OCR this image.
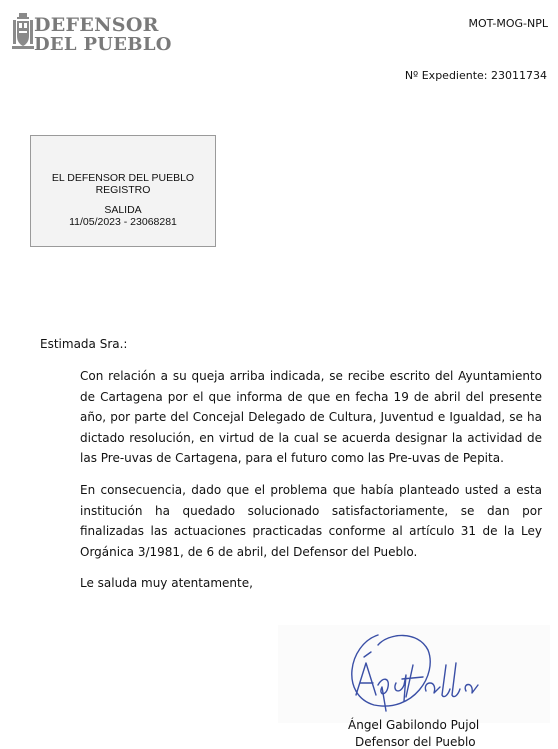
DEFENSOR
DEL PUEBLO
MOT-MOG-NPL
Nº Expediente: 23011734
EL DEFENSOR DEL PUEBLO
REGISTRO
SALIDA
11/05/2023 - 23068281
Estimada Sra.:

Con relación a su queja arriba indicada, se recibe escrito del Ayuntamiento de Cartagena por el que informa de que en fecha 19 de abril del presente año, por parte del Concejal Delegado de Cultura, Juventud e Igualdad, se ha dictado resolución, en virtud de la cual se acuerda designar la actividad de las Pre-uvas de Cartagena, para el futuro como las Pre-uvas de Pepita.

En consecuencia, dado que el problema que había planteado usted a esta institución ha quedado solucionado satisfactoriamente, se dan por finalizadas las actuaciones practicadas conforme al artículo 31 de la Ley Orgánica 3/1981, de 6 de abril, del Defensor del Pueblo.

Le saluda muy atentamente,
Ángel Gabilondo Pujol
Defensor del Pueblo
